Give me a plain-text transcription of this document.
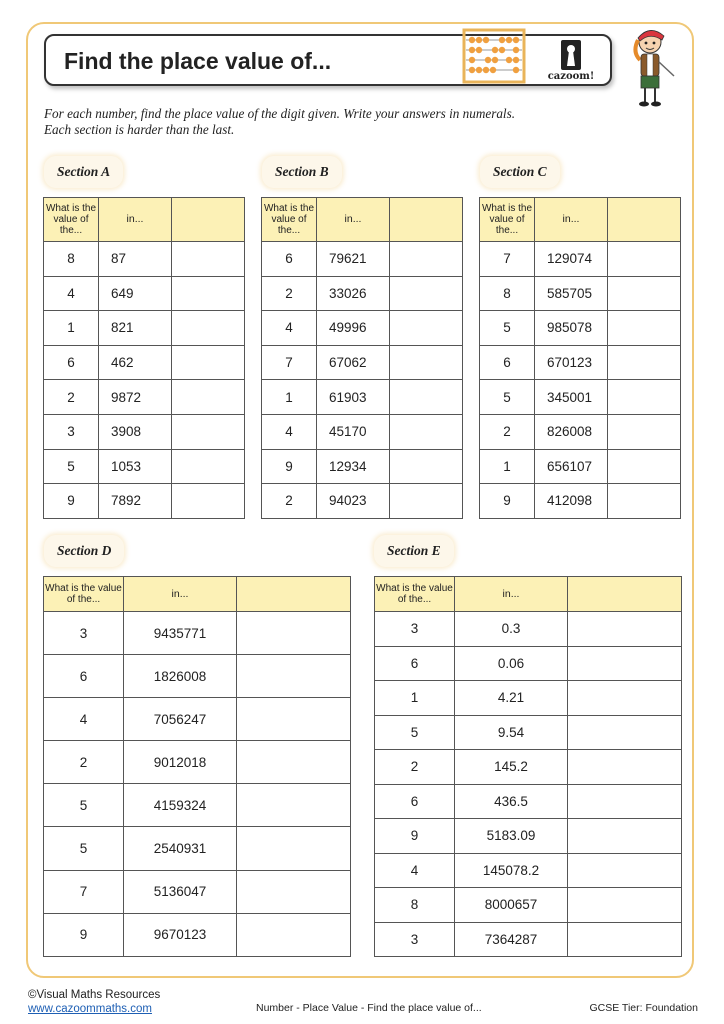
Find the place value of...
cazoom!
For each number, find the place value of the digit given. Write your answers in numerals.
Each section is harder than the last.
Section A
What is the value of the...	in...	
8	87	
4	649	
1	821	
6	462	
2	9872	
3	3908	
5	1053	
9	7892	
Section B
What is the value of the...	in...	
6	79621	
2	33026	
4	49996	
7	67062	
1	61903	
4	45170	
9	12934	
2	94023	
Section C
What is the value of the...	in...	
7	129074	
8	585705	
5	985078	
6	670123	
5	345001	
2	826008	
1	656107	
9	412098	
Section D
What is the value of the...	in...	
3	9435771	
6	1826008	
4	7056247	
2	9012018	
5	4159324	
5	2540931	
7	5136047	
9	9670123	
Section E
What is the value of the...	in...	
3	0.3	
6	0.06	
1	4.21	
5	9.54	
2	145.2	
6	436.5	
9	5183.09	
4	145078.2	
8	8000657	
3	7364287	
©Visual Maths Resources
www.cazoommaths.com	Number - Place Value - Find the place value of...	GCSE Tier: Foundation
